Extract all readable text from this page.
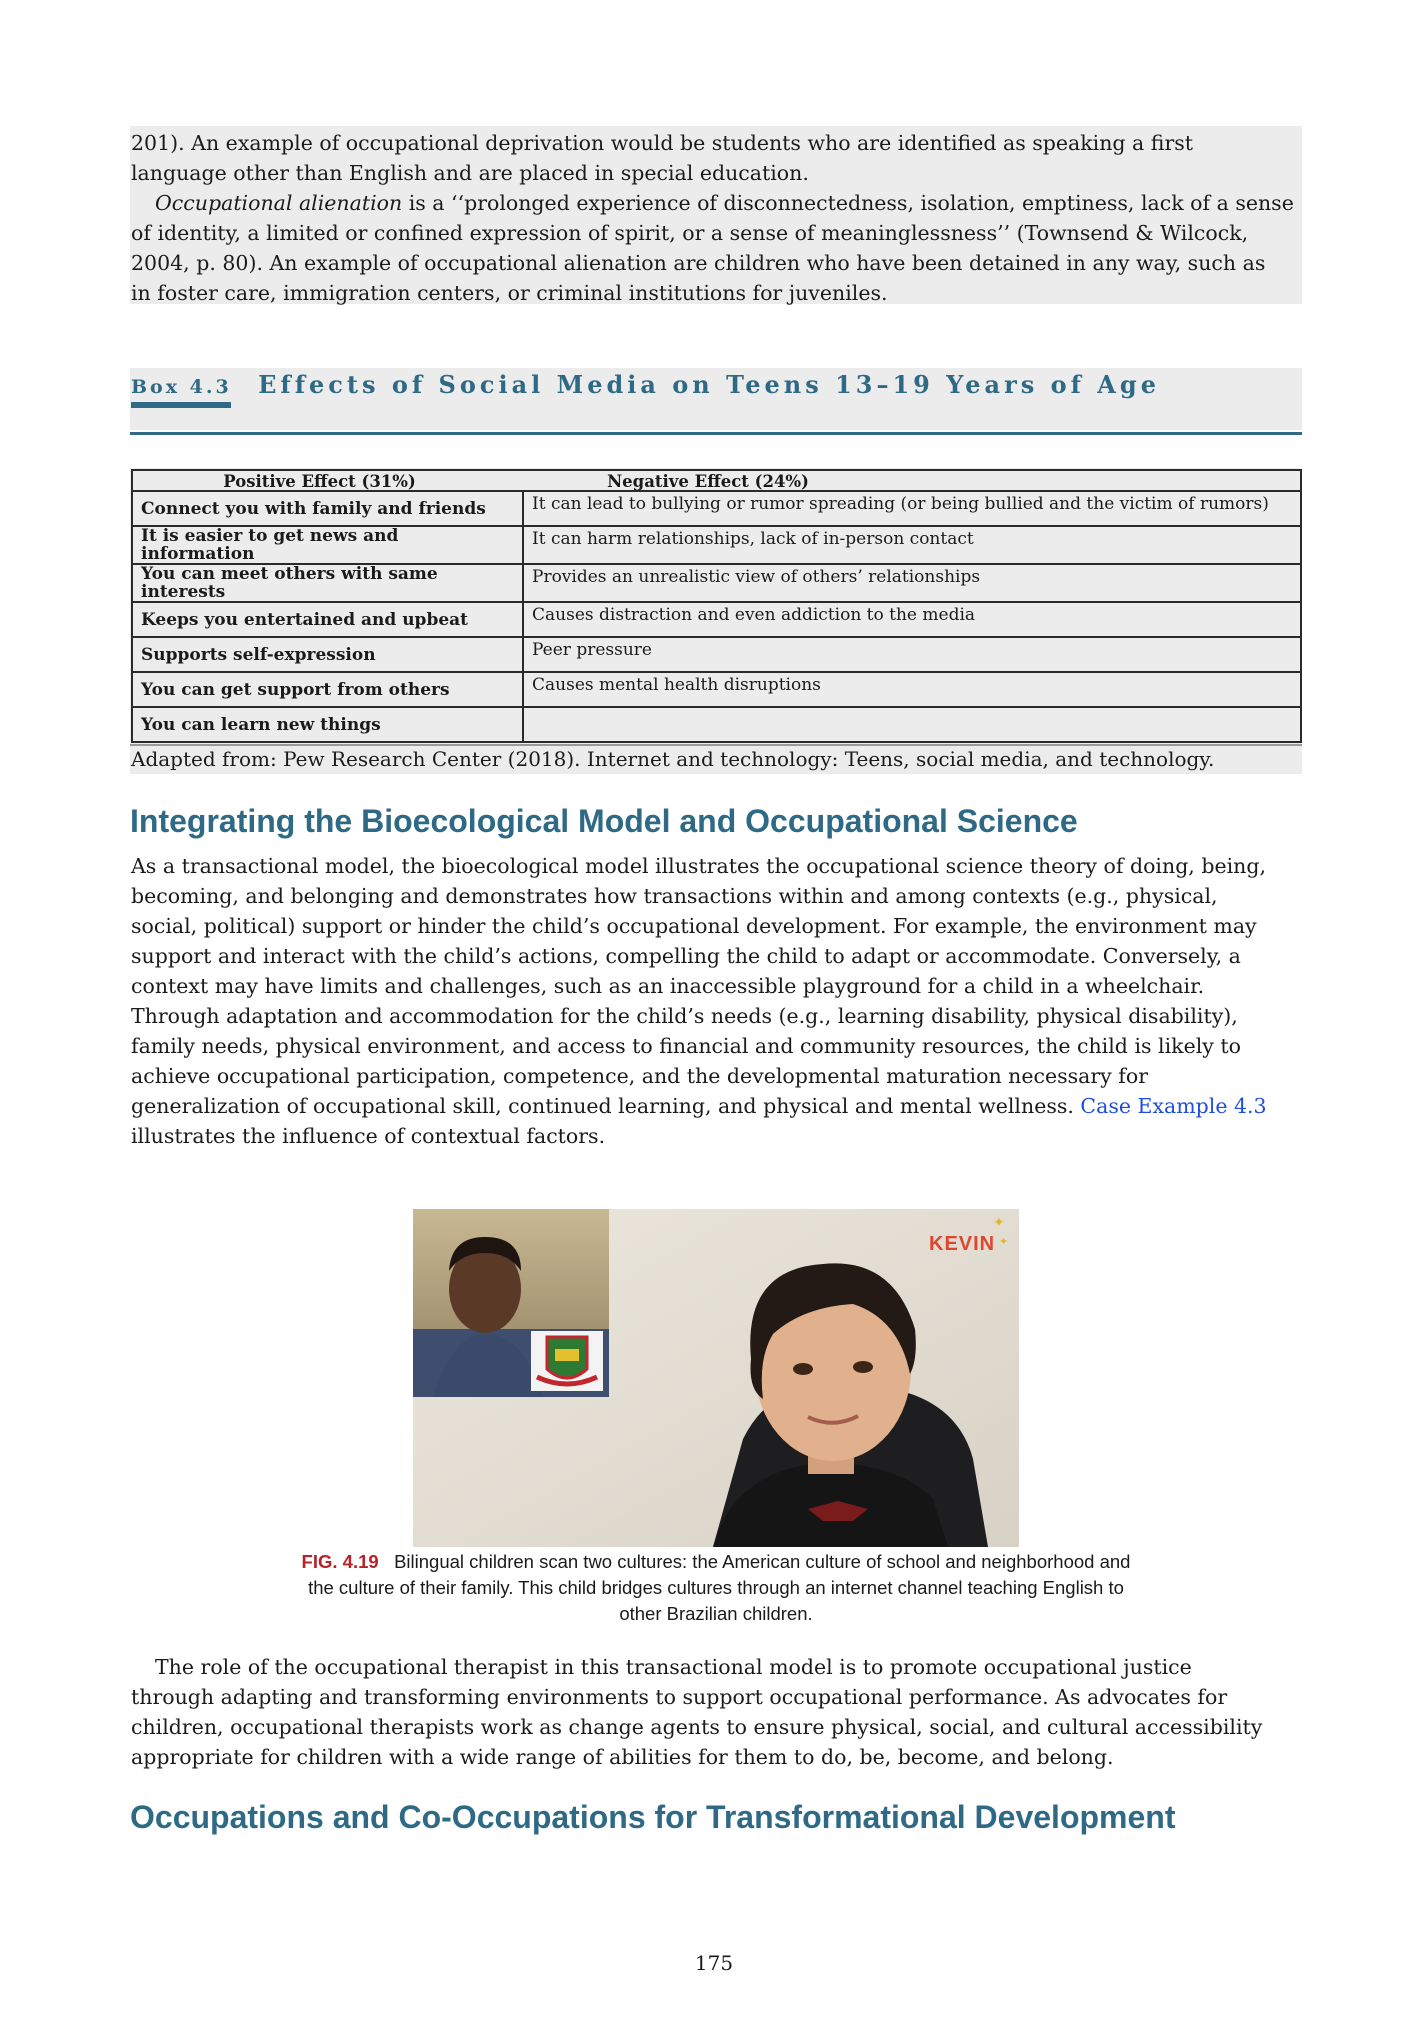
201). An example of occupational deprivation would be students who are identified as speaking a first
language other than English and are placed in special education.
Occupational alienation is a ‘‘prolonged experience of disconnectedness, isolation, emptiness, lack of a sense
of identity, a limited or confined expression of spirit, or a sense of meaninglessness’’ (Townsend & Wilcock,
2004, p. 80). An example of occupational alienation are children who have been detained in any way, such as
in foster care, immigration centers, or criminal institutions for juveniles.
Box 4.3 Effects of Social Media on Teens 13–19 Years of Age
Positive Effect (31%)	Negative Effect (24%)
Connect you with family and friends	It can lead to bullying or rumor spreading (or being bullied and the victim of rumors)
It is easier to get news and information	It can harm relationships, lack of in-person contact
You can meet others with same interests	Provides an unrealistic view of others’ relationships
Keeps you entertained and upbeat	Causes distraction and even addiction to the media
Supports self-expression	Peer pressure
You can get support from others	Causes mental health disruptions
You can learn new things	
Adapted from: Pew Research Center (2018). Internet and technology: Teens, social media, and technology.
Integrating the Bioecological Model and Occupational Science
As a transactional model, the bioecological model illustrates the occupational science theory of doing, being,
becoming, and belonging and demonstrates how transactions within and among contexts (e.g., physical,
social, political) support or hinder the child’s occupational development. For example, the environment may
support and interact with the child’s actions, compelling the child to adapt or accommodate. Conversely, a
context may have limits and challenges, such as an inaccessible playground for a child in a wheelchair.
Through adaptation and accommodation for the child’s needs (e.g., learning disability, physical disability),
family needs, physical environment, and access to financial and community resources, the child is likely to
achieve occupational participation, competence, and the developmental maturation necessary for
generalization of occupational skill, continued learning, and physical and mental wellness. Case Example 4.3
illustrates the influence of contextual factors.
KEVIN
✦
✦
FIG. 4.19 Bilingual children scan two cultures: the American culture of school and neighborhood and
the culture of their family. This child bridges cultures through an internet channel teaching English to
other Brazilian children.
The role of the occupational therapist in this transactional model is to promote occupational justice
through adapting and transforming environments to support occupational performance. As advocates for
children, occupational therapists work as change agents to ensure physical, social, and cultural accessibility
appropriate for children with a wide range of abilities for them to do, be, become, and belong.
Occupations and Co-Occupations for Transformational Development
175
